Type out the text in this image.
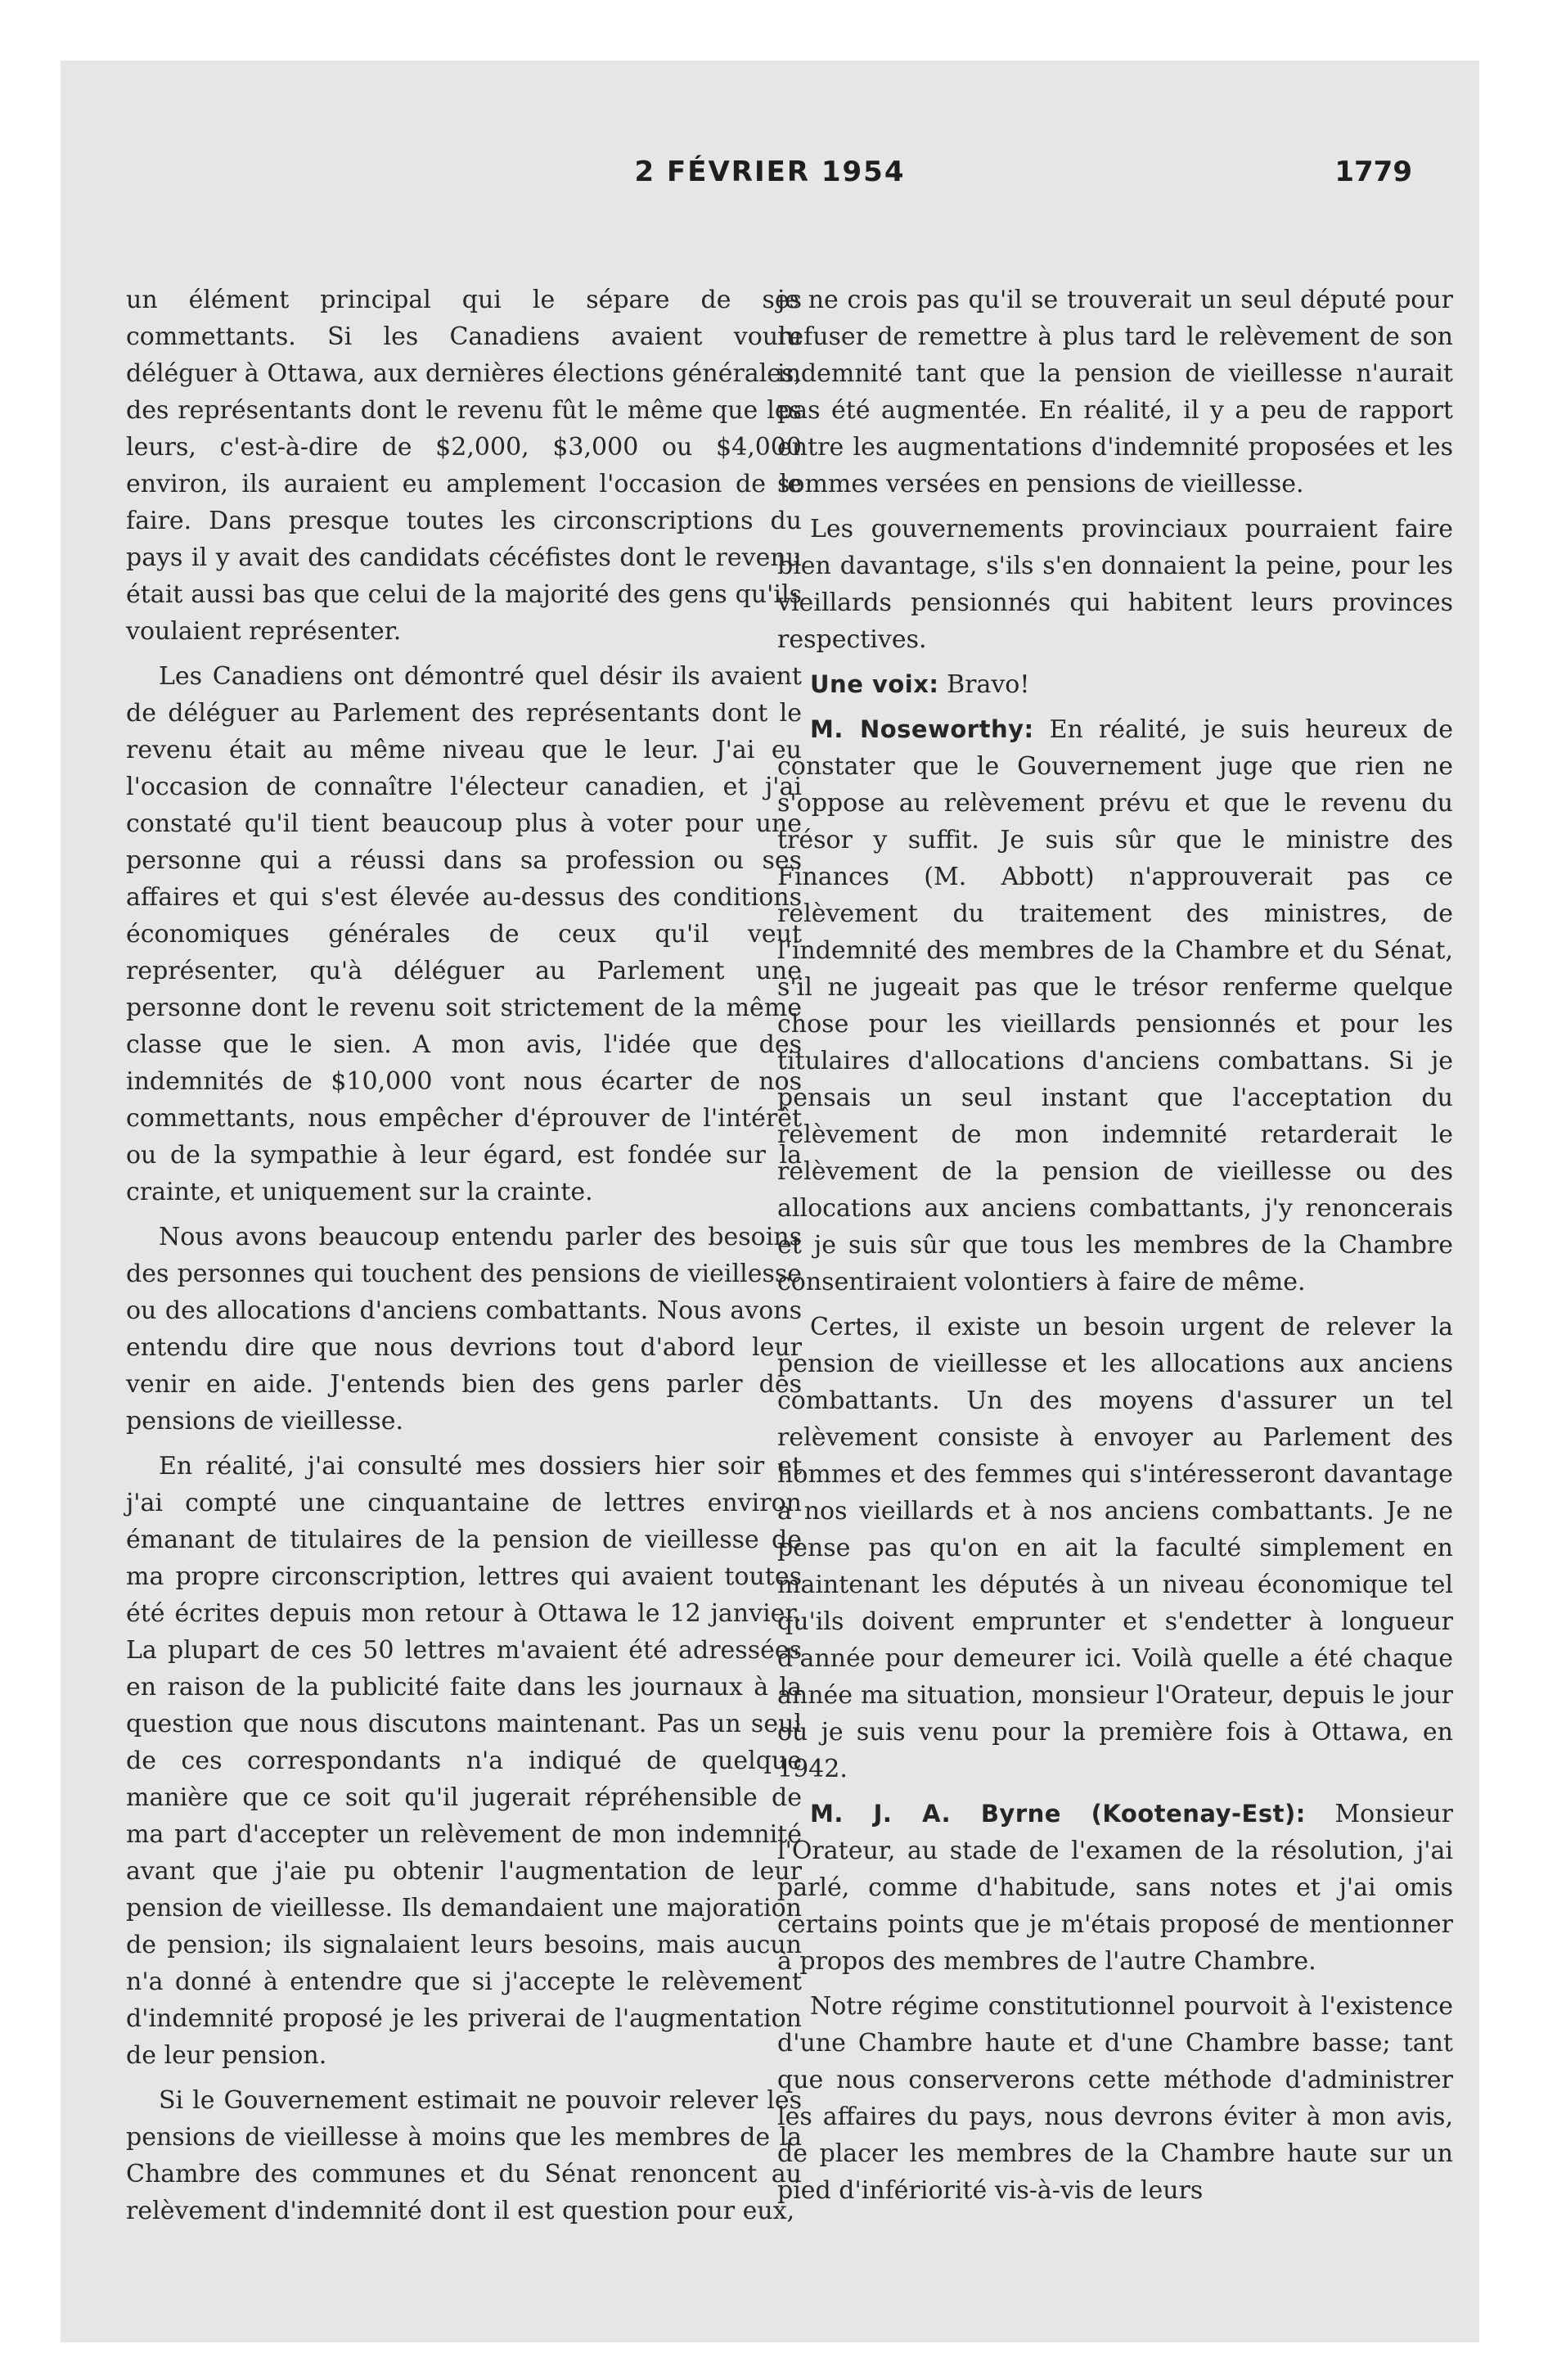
2 FÉVRIER 1954	1779

un élément principal qui le sépare de ses commettants. Si les Canadiens avaient voulu déléguer à Ottawa, aux dernières élections générales, des représentants dont le revenu fût le même que les leurs, c'est-à-dire de $2,000, $3,000 ou $4,000 environ, ils auraient eu amplement l'occasion de le faire. Dans presque toutes les circonscriptions du pays il y avait des candidats cécéfistes dont le revenu était aussi bas que celui de la majorité des gens qu'ils voulaient représenter.

Les Canadiens ont démontré quel désir ils avaient de déléguer au Parlement des représentants dont le revenu était au même niveau que le leur. J'ai eu l'occasion de connaître l'électeur canadien, et j'ai constaté qu'il tient beaucoup plus à voter pour une personne qui a réussi dans sa profession ou ses affaires et qui s'est élevée au-dessus des conditions économiques générales de ceux qu'il veut représenter, qu'à déléguer au Parlement une personne dont le revenu soit strictement de la même classe que le sien. A mon avis, l'idée que des indemnités de $10,000 vont nous écarter de nos commettants, nous empêcher d'éprouver de l'intérêt ou de la sympathie à leur égard, est fondée sur la crainte, et uniquement sur la crainte.

Nous avons beaucoup entendu parler des besoins des personnes qui touchent des pensions de vieillesse ou des allocations d'anciens combattants. Nous avons entendu dire que nous devrions tout d'abord leur venir en aide. J'entends bien des gens parler des pensions de vieillesse.

En réalité, j'ai consulté mes dossiers hier soir et j'ai compté une cinquantaine de lettres environ émanant de titulaires de la pension de vieillesse de ma propre circonscription, lettres qui avaient toutes été écrites depuis mon retour à Ottawa le 12 janvier. La plupart de ces 50 lettres m'avaient été adressées en raison de la publicité faite dans les journaux à la question que nous discutons maintenant. Pas un seul de ces correspondants n'a indiqué de quelque manière que ce soit qu'il jugerait répréhensible de ma part d'accepter un relèvement de mon indemnité avant que j'aie pu obtenir l'augmentation de leur pension de vieillesse. Ils demandaient une majoration de pension; ils signalaient leurs besoins, mais aucun n'a donné à entendre que si j'accepte le relèvement d'indemnité proposé je les priverai de l'augmentation de leur pension.

Si le Gouvernement estimait ne pouvoir relever les pensions de vieillesse à moins que les membres de la Chambre des communes et du Sénat renoncent au relèvement d'indemnité dont il est question pour eux,

je ne crois pas qu'il se trouverait un seul député pour refuser de remettre à plus tard le relèvement de son indemnité tant que la pension de vieillesse n'aurait pas été augmentée. En réalité, il y a peu de rapport entre les augmentations d'indemnité proposées et les sommes versées en pensions de vieillesse.

Les gouvernements provinciaux pourraient faire bien davantage, s'ils s'en donnaient la peine, pour les vieillards pensionnés qui habitent leurs provinces respectives.

Une voix: Bravo!

M. Noseworthy: En réalité, je suis heureux de constater que le Gouvernement juge que rien ne s'oppose au relèvement prévu et que le revenu du trésor y suffit. Je suis sûr que le ministre des Finances (M. Abbott) n'approuverait pas ce relèvement du traitement des ministres, de l'indemnité des membres de la Chambre et du Sénat, s'il ne jugeait pas que le trésor renferme quelque chose pour les vieillards pensionnés et pour les titulaires d'allocations d'anciens combattans. Si je pensais un seul instant que l'acceptation du relèvement de mon indemnité retarderait le relèvement de la pension de vieillesse ou des allocations aux anciens combattants, j'y renoncerais et je suis sûr que tous les membres de la Chambre consentiraient volontiers à faire de même.

Certes, il existe un besoin urgent de relever la pension de vieillesse et les allocations aux anciens combattants. Un des moyens d'assurer un tel relèvement consiste à envoyer au Parlement des hommes et des femmes qui s'intéresseront davantage à nos vieillards et à nos anciens combattants. Je ne pense pas qu'on en ait la faculté simplement en maintenant les députés à un niveau économique tel qu'ils doivent emprunter et s'endetter à longueur d'année pour demeurer ici. Voilà quelle a été chaque année ma situation, monsieur l'Orateur, depuis le jour où je suis venu pour la première fois à Ottawa, en 1942.

M. J. A. Byrne (Kootenay-Est): Monsieur l'Orateur, au stade de l'examen de la résolution, j'ai parlé, comme d'habitude, sans notes et j'ai omis certains points que je m'étais proposé de mentionner à propos des membres de l'autre Chambre.

Notre régime constitutionnel pourvoit à l'existence d'une Chambre haute et d'une Chambre basse; tant que nous conserverons cette méthode d'administrer les affaires du pays, nous devrons éviter à mon avis, de placer les membres de la Chambre haute sur un pied d'infériorité vis-à-vis de leurs
